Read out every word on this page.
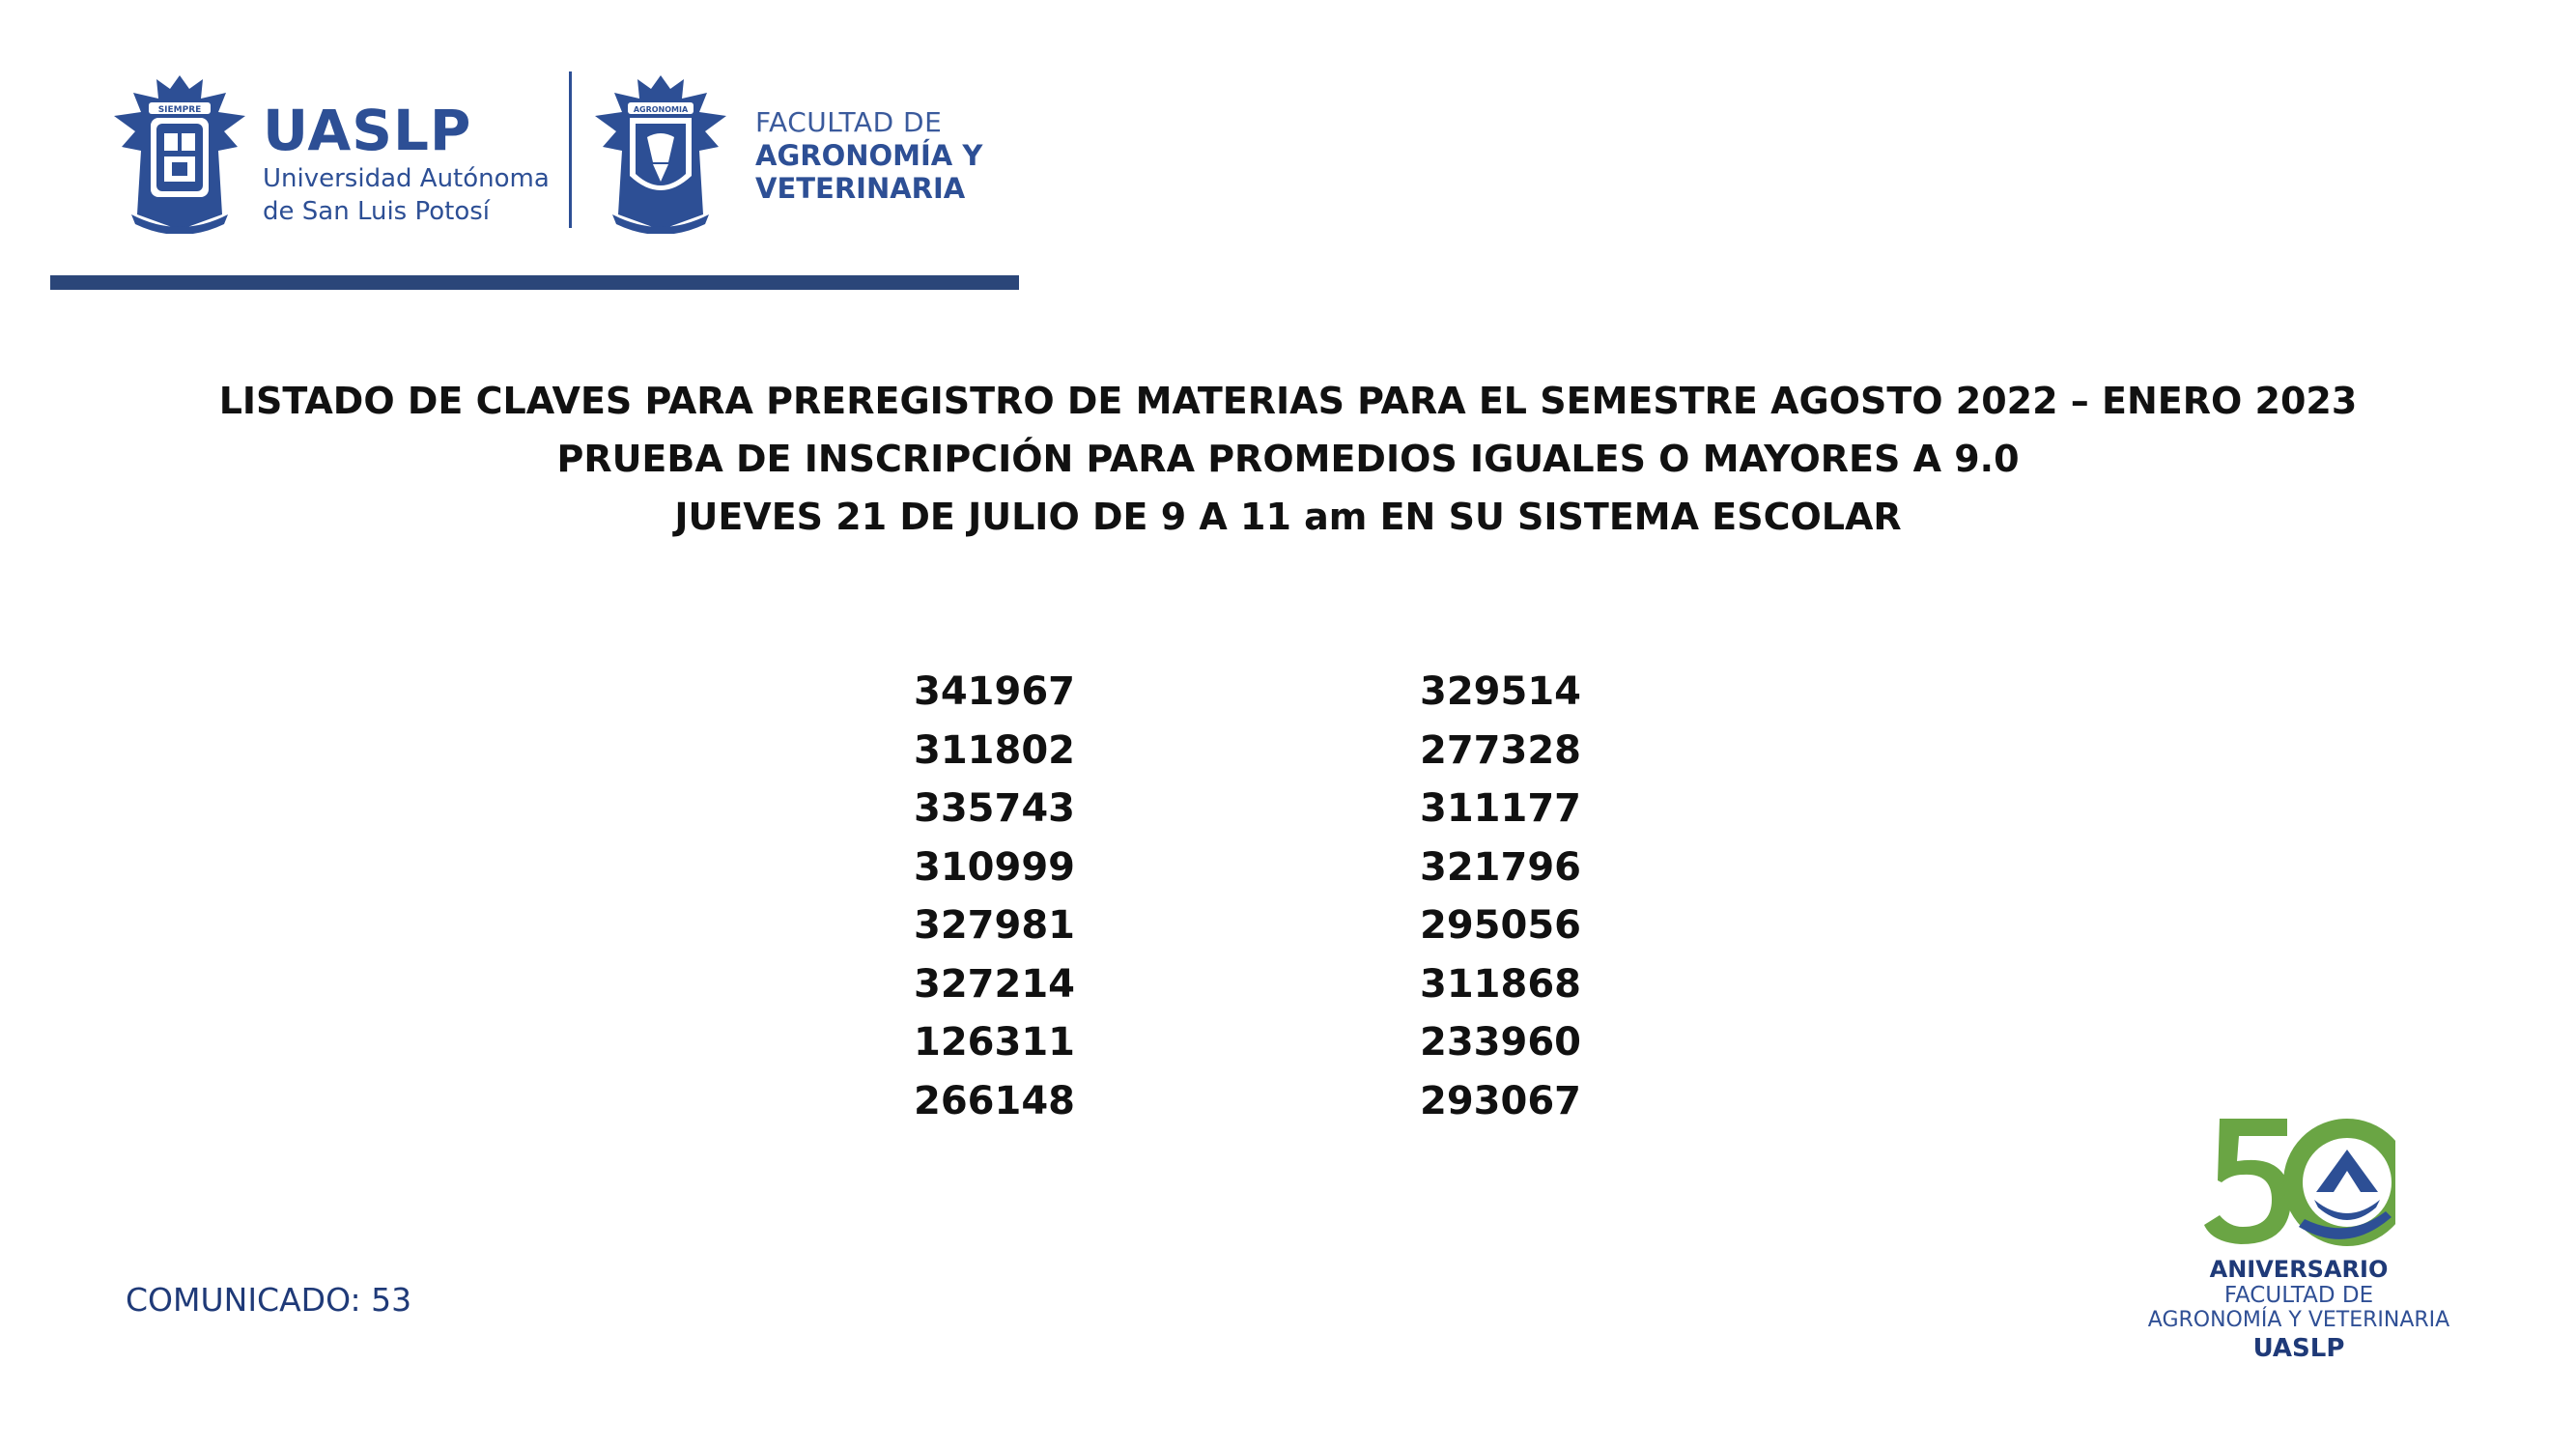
SIEMPRE UASLP
Universidad Autónoma
de San Luis Potosí
AGRONOMIA FACULTAD DE
AGRONOMÍA Y
VETERINARIA
LISTADO DE CLAVES PARA PREREGISTRO DE MATERIAS PARA EL SEMESTRE AGOSTO 2022 – ENERO 2023
PRUEBA DE INSCRIPCIÓN PARA PROMEDIOS IGUALES O MAYORES A 9.0
JUEVES 21 DE JULIO DE 9 A 11 am EN SU SISTEMA ESCOLAR
341967
311802
335743
310999
327981
327214
126311
266148
329514
277328
311177
321796
295056
311868
233960
293067
COMUNICADO: 53
ANIVERSARIO
FACULTAD DE
AGRONOMÍA Y VETERINARIA
UASLP
